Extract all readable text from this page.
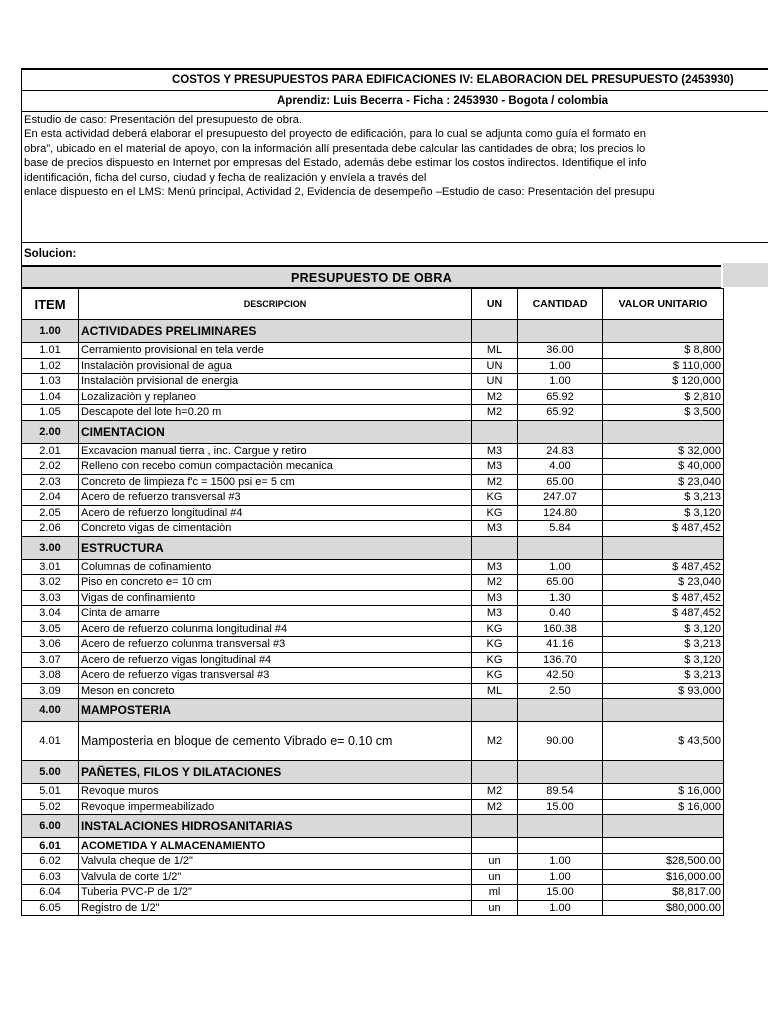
COSTOS Y PRESUPUESTOS PARA EDIFICACIONES IV: ELABORACION DEL PRESUPUESTO (2453930)
Aprendiz: Luis Becerra - Ficha : 2453930 - Bogota / colombia
Estudio de caso: Presentación del presupuesto de obra.
En esta actividad deberá elaborar el presupuesto del proyecto de edificación, para lo cual se adjunta como guía el formato en
obra”, ubicado en el material de apoyo, con la información allí presentada debe calcular las cantidades de obra; los precios lo
base de precios dispuesto en Internet por empresas del Estado, además debe estimar los costos indirectos. Identifique el info
identificación, ficha del curso, ciudad y fecha de realización y envíela a través del
enlace dispuesto en el LMS: Menú principal, Actividad 2, Evidencia de desempeño –Estudio de caso: Presentación del presupu
Solucion:
PRESUPUESTO DE OBRA
ITEM	DESCRIPCION	UN	CANTIDAD	VALOR UNITARIO
1.00	ACTIVIDADES PRELIMINARES			
1.01	Cerramiento provisional en tela verde	ML	36.00	$ 8,800
1.02	Instalaciòn provisional de agua	UN	1.00	$ 110,000
1.03	Instalaciòn prvisional de energia	UN	1.00	$ 120,000
1.04	Lozalizaciòn y replaneo	M2	65.92	$ 2,810
1.05	Descapote del lote h=0.20 m	M2	65.92	$ 3,500
2.00	CIMENTACION			
2.01	Excavacion manual tierra , inc. Cargue y retiro	M3	24.83	$ 32,000
2.02	Relleno con recebo comun compactaciòn mecanica	M3	4.00	$ 40,000
2.03	Concreto de limpieza f'c = 1500 psi e= 5 cm	M2	65.00	$ 23,040
2.04	Acero de refuerzo transversal #3	KG	247.07	$ 3,213
2.05	Acero de refuerzo longitudinal #4	KG	124.80	$ 3,120
2.06	Concreto vigas de cimentaciòn	M3	5.84	$ 487,452
3.00	ESTRUCTURA			
3.01	Columnas de cofinamiento	M3	1.00	$ 487,452
3.02	Piso en concreto e= 10 cm	M2	65.00	$ 23,040
3.03	Vigas de confinamiento	M3	1.30	$ 487,452
3.04	Cinta de amarre	M3	0.40	$ 487,452
3.05	Acero de refuerzo colunma longitudinal #4	KG	160.38	$ 3,120
3.06	Acero de refuerzo colunma transversal #3	KG	41.16	$ 3,213
3.07	Acero de refuerzo vigas longitudinal #4	KG	136.70	$ 3,120
3.08	Acero de refuerzo vigas transversal #3	KG	42.50	$ 3,213
3.09	Meson en concreto	ML	2.50	$ 93,000
4.00	MAMPOSTERIA			
4.01	Mamposteria en bloque de cemento Vibrado e= 0.10 cm	M2	90.00	$ 43,500
5.00	PAÑETES, FILOS Y DILATACIONES			
5.01	Revoque muros	M2	89.54	$ 16,000
5.02	Revoque impermeabilizado	M2	15.00	$ 16,000
6.00	INSTALACIONES HIDROSANITARIAS			
6.01	ACOMETIDA Y ALMACENAMIENTO			
6.02	Valvula cheque de 1/2"	un	1.00	$28,500.00
6.03	Valvula de corte 1/2"	un	1.00	$16,000.00
6.04	Tuberia PVC-P de 1/2"	ml	15.00	$8,817.00
6.05	Registro de 1/2"	un	1.00	$80,000.00
